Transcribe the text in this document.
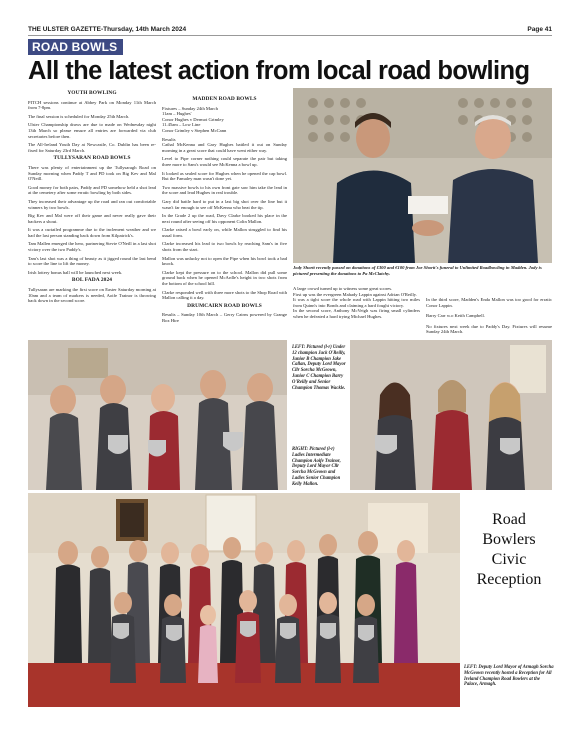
THE ULSTER GAZETTE-Thursday, 14th March 2024	Page 41
ROAD BOWLS
All the latest action from local road bowling
YOUTH BOWLING

PITCH sessions continue at Abbey Park on Monday 11th March from 7-8pm.

The final session is scheduled for Monday 25th March.

Ulster Championship draws are due to made on Wednesday night 13th March so please ensure all entries are forwarded via club secretaries before then.

The All-Ireland Youth Day at Newcastle, Co. Dublin has been re-fixed for Saturday 23rd March.

TULLYSARAN ROAD BOWLS

There was plenty of entertainment up the Tullysaragh Road on Sunday morning when Paddy T and PD took on Big Kev and Mal O'Neill.

Good money for both pairs, Paddy and PD somehow held a shot lead at the cemetery after some erratic bowling by both sides.

They increased their advantage up the road and ran out comfortable winners by two bowls.

Big Kev and Mal were off their game and never really gave their backers a shout.

It was a curtailed programme due to the inclement weather and we had the last person standing back down from Kilpatrick's.

Tam Mallen emerged the hero, partnering Stevie O'Neill in a last shot victory over the two Paddy's.

Tam's last shot was a thing of beauty as it jigged round the last bend to score the line to lift the money.

Irish lottery bonus ball will be launched next week.

BOL FADA 2024

Tullysaran are marking the first score on Easter Saturday morning at 10am and a team of markers is needed, Aoife Trainor is throwing back down in the second score.

MADDEN ROAD BOWLS

Fixtures – Sunday 24th March

11am – Hughes'

Conor Hughes v Dermot Grimley

11.45am – Low Line

Conor Grimley v Stephen McCann

Results

Cathal McKenna and Gary Hughes battled it out on Sunday morning in a great score that could have went either way.

Level to Pipe corner nothing could separate the pair but taking three more to Sam's would see McKenna a bowl up.

It looked as sealed score for Hughes when he opened the cap bowl. But the Famaley man wasn't done yet.

Two massive bowls to his own front gate saw him take the lead in the score and lead Hughes in real trouble.

Gary did battle hard to put in a last big shot over the line but it wasn't far enough to see off McKenna who beat the tip.

In the Grade 2 up the road, Davy Clarke booked his place in the next round after seeing off his opponent Colin Mallon.

Clarke raised a bowl early on, while Mallon struggled to find his usual form.

Clarke increased his lead to two bowls by reaching Sam's in five shots from the start.

Mallon was unlucky not to open the Pipe when his bowl took a bad knock.

Clarke kept the pressure on to the school. Mallon did pull some ground back when he opened McArdle's height in two shots from the bottom of the school hill.

Clarke responded well with three more shots to the Shop Road with Mallon calling it a day.

DRUMCAIRN ROAD BOWLS

Results – Sunday 10th March – Gerry Cairns powered by Grange Box Hire

Jody Shortt recently passed on donations of £300 and €100 from Joe Shortt's funeral to Unlimited Roadbowling in Madden. Jody is pictured presenting the donations to Pa McClatchy.

A large crowd turned up to witness some great scores.

First up was the evergreen Mahady Lappin against Adrian O'Reilly.

It was a tight score the whole road with Lappin hitting two miles from Quinn's into Bonds and claiming a hard fought victory.

In the second score, Anthony McVeigh was firing small cylinders when he defeated a hard trying Michael Hughes.

In the third score, Madden's Enda Mallon was too good for erratic Conor Lappin.

Barry Carr w.o Keith Campbell.

No fixtures next week due to Paddy's Day. Fixtures will resume Sunday 24th March.

LEFT: Pictured (l-r) Under 12 champion Jack O'Reilly, Junior B Champion Jake Callan, Deputy Lord Mayor Cllr Sorcha McGeown, Junior C Champion Barry O'Reilly and Senior Champion Thomas Wackle.
RIGHT: Pictured (l-r) Ladies Intermediate Champion Aoife Trainor, Deputy Lord Mayor Cllr Sorcha McGeown and Ladies Senior Champion Kelly Mallon.
Road
Bowlers
Civic
Reception
LEFT: Deputy Lord Mayor of Armagh Sorcha McGeown recently hosted a Reception for All Ireland Champion Road Bowlers at the Palace, Armagh.
